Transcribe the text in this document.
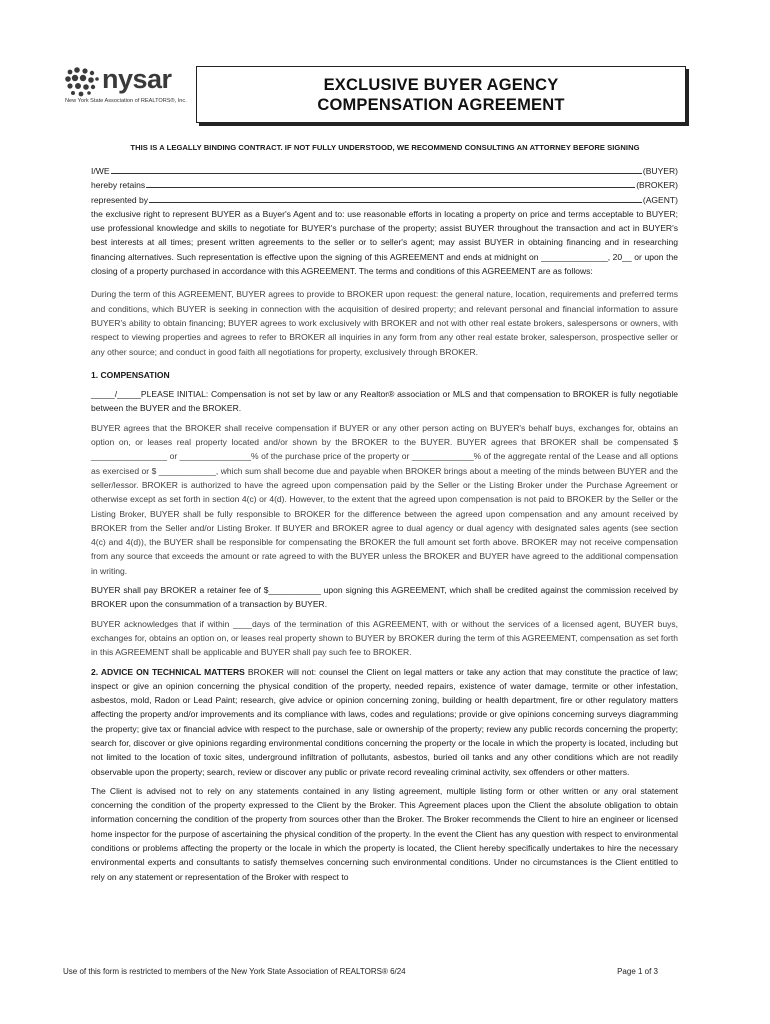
nysar
New York State Association of REALTORS®, Inc.
EXCLUSIVE BUYER AGENCY
COMPENSATION AGREEMENT
THIS IS A LEGALLY BINDING CONTRACT. IF NOT FULLY UNDERSTOOD, WE RECOMMEND CONSULTING AN ATTORNEY BEFORE SIGNING
I/WE	(BUYER)
hereby retains	(BROKER)
represented by	(AGENT)

the exclusive right to represent BUYER as a Buyer's Agent and to: use reasonable efforts in locating a property on price and terms acceptable to BUYER; use professional knowledge and skills to negotiate for BUYER's purchase of the property; assist BUYER throughout the transaction and act in BUYER's best interests at all times; present written agreements to the seller or to seller's agent; may assist BUYER in obtaining financing and in researching financing alternatives. Such representation is effective upon the signing of this AGREEMENT and ends at midnight on ______________, 20__ or upon the closing of a property purchased in accordance with this AGREEMENT. The terms and conditions of this AGREEMENT are as follows:

During the term of this AGREEMENT, BUYER agrees to provide to BROKER upon request: the general nature, location, requirements and preferred terms and conditions, which BUYER is seeking in connection with the acquisition of desired property; and relevant personal and financial information to assure BUYER's ability to obtain financing; BUYER agrees to work exclusively with BROKER and not with other real estate brokers, salespersons or owners, with respect to viewing properties and agrees to refer to BROKER all inquiries in any form from any other real estate broker, salesperson, prospective seller or any other source; and conduct in good faith all negotiations for property, exclusively through BROKER.

1. COMPENSATION

_____/_____PLEASE INITIAL: Compensation is not set by law or any Realtor® association or MLS and that compensation to BROKER is fully negotiable between the BUYER and the BROKER.

BUYER agrees that the BROKER shall receive compensation if BUYER or any other person acting on BUYER's behalf buys, exchanges for, obtains an option on, or leases real property located and/or shown by the BROKER to the BUYER. BUYER agrees that BROKER shall be compensated $ ________________ or _______________% of the purchase price of the property or _____________% of the aggregate rental of the Lease and all options as exercised or $ ____________, which sum shall become due and payable when BROKER brings about a meeting of the minds between BUYER and the seller/lessor. BROKER is authorized to have the agreed upon compensation paid by the Seller or the Listing Broker under the Purchase Agreement or otherwise except as set forth in section 4(c) or 4(d). However, to the extent that the agreed upon compensation is not paid to BROKER by the Seller or the Listing Broker, BUYER shall be fully responsible to BROKER for the difference between the agreed upon compensation and any amount received by BROKER from the Seller and/or Listing Broker. If BUYER and BROKER agree to dual agency or dual agency with designated sales agents (see section 4(c) and 4(d)), the BUYER shall be responsible for compensating the BROKER the full amount set forth above. BROKER may not receive compensation from any source that exceeds the amount or rate agreed to with the BUYER unless the BROKER and BUYER have agreed to the additional compensation in writing.

BUYER shall pay BROKER a retainer fee of $___________ upon signing this AGREEMENT, which shall be credited against the commission received by BROKER upon the consummation of a transaction by BUYER.

BUYER acknowledges that if within ____days of the termination of this AGREEMENT, with or without the services of a licensed agent, BUYER buys, exchanges for, obtains an option on, or leases real property shown to BUYER by BROKER during the term of this AGREEMENT, compensation as set forth in this AGREEMENT shall be applicable and BUYER shall pay such fee to BROKER.

2. ADVICE ON TECHNICAL MATTERS BROKER will not: counsel the Client on legal matters or take any action that may constitute the practice of law; inspect or give an opinion concerning the physical condition of the property, needed repairs, existence of water damage, termite or other infestation, asbestos, mold, Radon or Lead Paint; research, give advice or opinion concerning zoning, building or health department, fire or other regulatory matters affecting the property and/or improvements and its compliance with laws, codes and regulations; provide or give opinions concerning surveys diagramming the property; give tax or financial advice with respect to the purchase, sale or ownership of the property; review any public records concerning the property; search for, discover or give opinions regarding environmental conditions concerning the property or the locale in which the property is located, including but not limited to the location of toxic sites, underground infiltration of pollutants, asbestos, buried oil tanks and any other conditions which are not readily observable upon the property; search, review or discover any public or private record revealing criminal activity, sex offenders or other matters.

The Client is advised not to rely on any statements contained in any listing agreement, multiple listing form or other written or any oral statement concerning the condition of the property expressed to the Client by the Broker. This Agreement places upon the Client the absolute obligation to obtain information concerning the condition of the property from sources other than the Broker. The Broker recommends the Client to hire an engineer or licensed home inspector for the purpose of ascertaining the physical condition of the property. In the event the Client has any question with respect to environmental conditions or problems affecting the property or the locale in which the property is located, the Client hereby specifically undertakes to hire the necessary environmental experts and consultants to satisfy themselves concerning such environmental conditions. Under no circumstances is the Client entitled to rely on any statement or representation of the Broker with respect to

Use of this form is restricted to members of the New York State Association of REALTORS® 6/24	Page 1 of 3
